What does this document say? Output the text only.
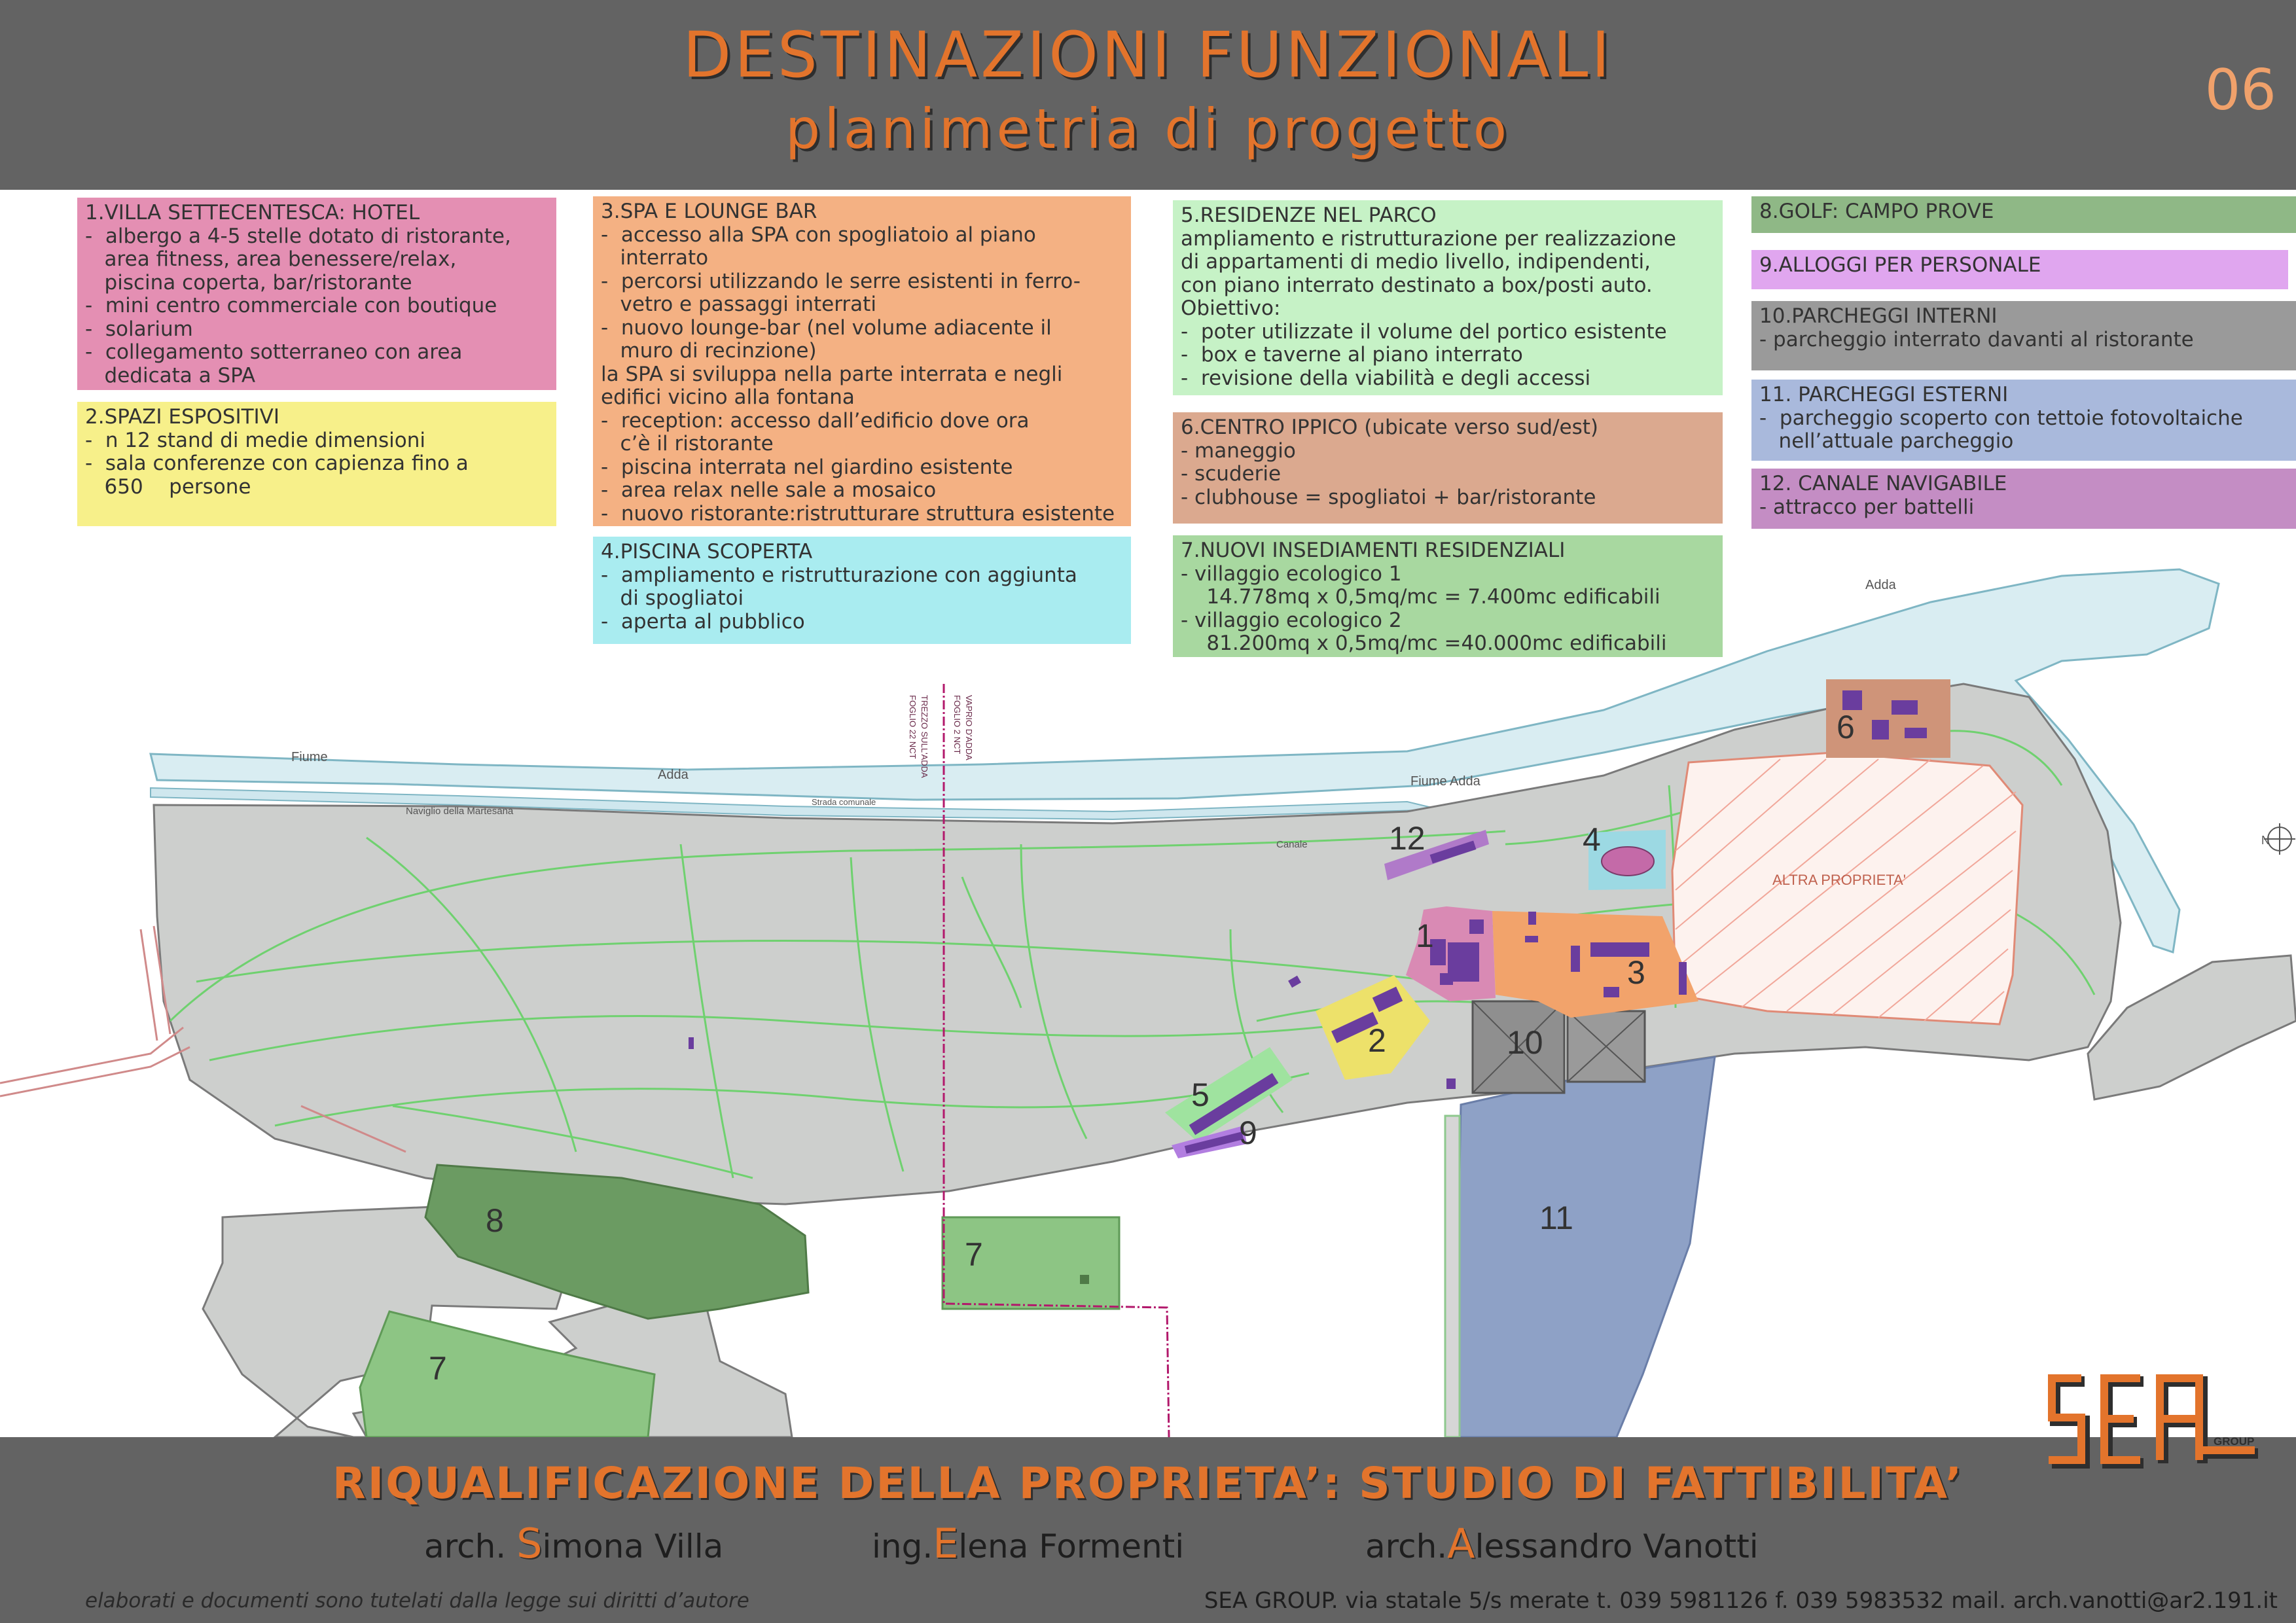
DESTINAZIONI FUNZIONALI
planimetria di progetto
06
ALTRA PROPRIETA'
FOGLIO 22 NCT TREZZO SULL'ADDA	FOGLIO 2 NCT VAPRIO D'ADDA
Fiume
Adda	Fiume Adda
Adda
Naviglio della Martesana
Strada comunale
Canale	N
1
2
3
4
5
6
7
7
8
9
10
11
12
1.VILLA SETTECENTESCA: HOTEL
-  albergo a 4-5 stelle dotato di ristorante,
area fitness, area benessere/relax,
piscina coperta, bar/ristorante
-  mini centro commerciale con boutique
-  solarium
-  collegamento sotterraneo con area
dedicata a SPA
2.SPAZI ESPOSITIVI
-  n 12 stand di medie dimensioni
-  sala conferenze con capienza fino a
650    persone
3.SPA E LOUNGE BAR
-  accesso alla SPA con spogliatoio al piano
interrato
-  percorsi utilizzando le serre esistenti in ferro-
vetro e passaggi interrati
-  nuovo lounge-bar (nel volume adiacente il
muro di recinzione)
la SPA si sviluppa nella parte interrata e negli
edifici vicino alla fontana
-  reception: accesso dall’edificio dove ora
c’è il ristorante
-  piscina interrata nel giardino esistente
-  area relax nelle sale a mosaico
-  nuovo ristorante:ristrutturare struttura esistente
4.PISCINA SCOPERTA
-  ampliamento e ristrutturazione con aggiunta
di spogliatoi
-  aperta al pubblico
5.RESIDENZE NEL PARCO
ampliamento e ristrutturazione per realizzazione
di appartamenti di medio livello, indipendenti,
con piano interrato destinato a box/posti auto.
Obiettivo:
-  poter utilizzate il volume del portico esistente
-  box e taverne al piano interrato
-  revisione della viabilità e degli accessi
6.CENTRO IPPICO (ubicate verso sud/est)
- maneggio
- scuderie
- clubhouse = spogliatoi + bar/ristorante
7.NUOVI INSEDIAMENTI RESIDENZIALI
- villaggio ecologico 1
14.778mq x 0,5mq/mc = 7.400mc edificabili
- villaggio ecologico 2
81.200mq x 0,5mq/mc =40.000mc edificabili
8.GOLF: CAMPO PROVE
9.ALLOGGI PER PERSONALE
10.PARCHEGGI INTERNI
- parcheggio interrato davanti al ristorante
11. PARCHEGGI ESTERNI
-  parcheggio scoperto con tettoie fotovoltaiche
nell’attuale parcheggio
12. CANALE NAVIGABILE
- attracco per battelli
RIQUALIFICAZIONE DELLA PROPRIETA’: STUDIO DI FATTIBILITA’
arch. Simona Villa	ing.Elena Formenti	arch.Alessandro Vanotti
elaborati e documenti sono tutelati dalla legge sui diritti d’autore	SEA GROUP. via statale 5/s merate t. 039 5981126 f. 039 5983532 mail. arch.vanotti@ar2.191.it
GROUP
SEA
